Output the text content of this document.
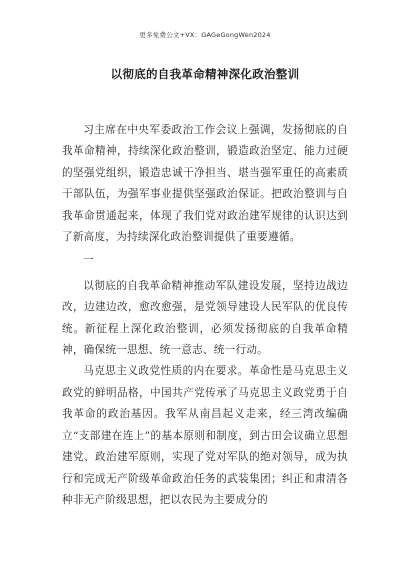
更多免费公文+VX：GAGeGongWen2024
以彻底的自我革命精神深化政治整训

习主席在中央军委政治工作会议上强调，发扬彻底的自我革命精神，持续深化政治整训，锻造政治坚定、能力过硬的坚强党组织，锻造忠诚干净担当、堪当强军重任的高素质干部队伍，为强军事业提供坚强政治保证。把政治整训与自我革命贯通起来，体现了我们党对政治建军规律的认识达到了新高度，为持续深化政治整训提供了重要遵循。

一

以彻底的自我革命精神推动军队建设发展，坚持边战边改，边建边改，愈改愈强，是党领导建设人民军队的优良传统。新征程上深化政治整训，必须发扬彻底的自我革命精神，确保统一思想、统一意志、统一行动。

马克思主义政党性质的内在要求。革命性是马克思主义政党的鲜明品格，中国共产党传承了马克思主义政党勇于自我革命的政治基因。我军从南昌起义走来，经三湾改编确立“支部建在连上”的基本原则和制度，到古田会议确立思想建党、政治建军原则，实现了党对军队的绝对领导，成为执行和完成无产阶级革命政治任务的武装集团；纠正和肃清各种非无产阶级思想，把以农民为主要成分的
